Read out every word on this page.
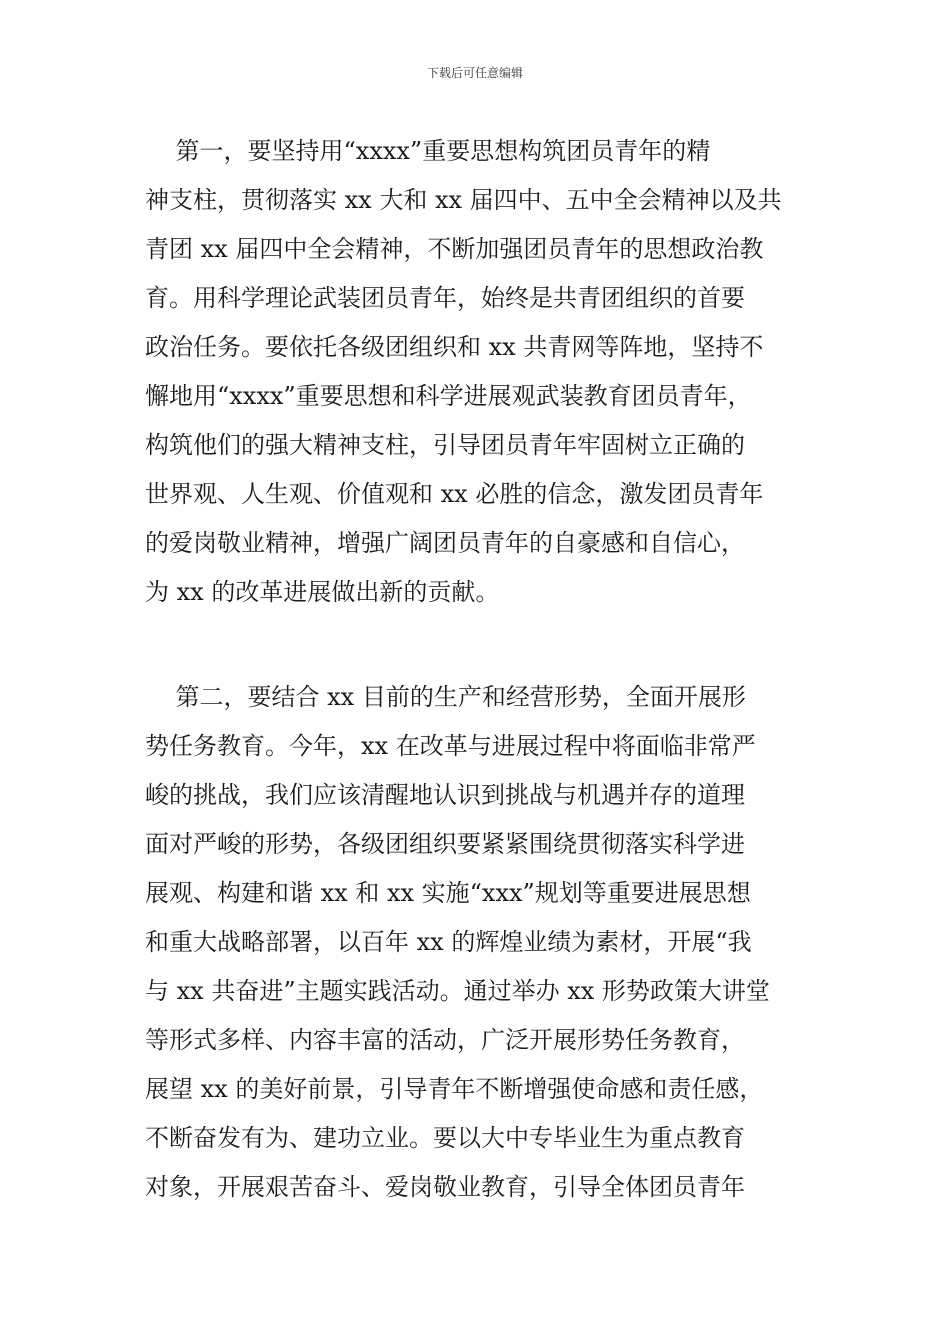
下载后可任意编辑
第一，要坚持用“xxxx”重要思想构筑团员青年的精
神支柱，贯彻落实 xx 大和 xx 届四中、五中全会精神以及共
青团 xx 届四中全会精神，不断加强团员青年的思想政治教
育。用科学理论武装团员青年，始终是共青团组织的首要
政治任务。要依托各级团组织和 xx 共青网等阵地，坚持不
懈地用“xxxx”重要思想和科学进展观武装教育团员青年，
构筑他们的强大精神支柱，引导团员青年牢固树立正确的
世界观、人生观、价值观和 xx 必胜的信念，激发团员青年
的爱岗敬业精神，增强广阔团员青年的自豪感和自信心，
为 xx 的改革进展做出新的贡献。
第二，要结合 xx 目前的生产和经营形势，全面开展形
势任务教育。今年，xx 在改革与进展过程中将面临非常严
峻的挑战，我们应该清醒地认识到挑战与机遇并存的道理
面对严峻的形势，各级团组织要紧紧围绕贯彻落实科学进
展观、构建和谐 xx 和 xx 实施“xxx”规划等重要进展思想
和重大战略部署，以百年 xx 的辉煌业绩为素材，开展“我
与 xx 共奋进”主题实践活动。通过举办 xx 形势政策大讲堂
等形式多样、内容丰富的活动，广泛开展形势任务教育，
展望 xx 的美好前景，引导青年不断增强使命感和责任感，
不断奋发有为、建功立业。要以大中专毕业生为重点教育
对象，开展艰苦奋斗、爱岗敬业教育，引导全体团员青年
